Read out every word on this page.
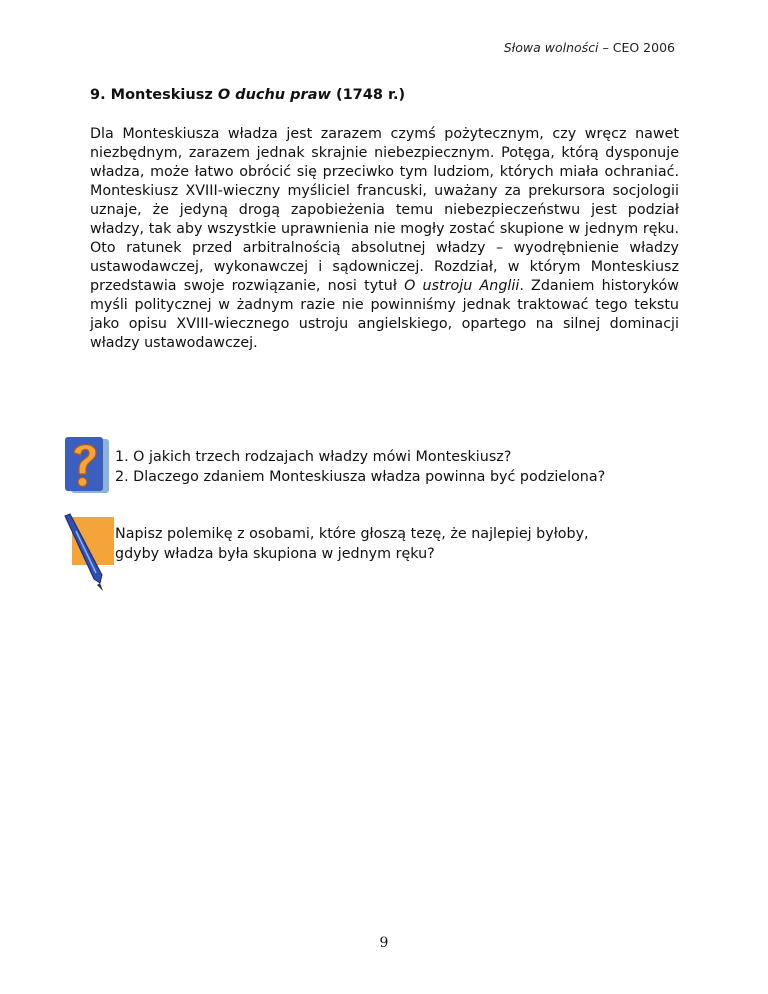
Słowa wolności – CEO 2006
9. Monteskiusz O duchu praw (1748 r.)
Dla Monteskiusza władza jest zarazem czymś pożytecznym, czy wręcz nawet niezbędnym, zarazem jednak skrajnie niebezpiecznym. Potęga, którą dysponuje władza, może łatwo obrócić się przeciwko tym ludziom, których miała ochraniać. Monteskiusz XVIII-wieczny myśliciel francuski, uważany za prekursora socjologii uznaje, że jedyną drogą zapobieżenia temu niebezpieczeństwu jest podział władzy, tak aby wszystkie uprawnienia nie mogły zostać skupione w jednym ręku. Oto ratunek przed arbitralnością absolutnej władzy – wyodrębnienie władzy ustawodawczej, wykonawczej i sądowniczej. Rozdział, w którym Monteskiusz przedstawia swoje rozwiązanie, nosi tytuł O ustroju Anglii. Zdaniem historyków myśli politycznej w żadnym razie nie powinniśmy jednak traktować tego tekstu jako opisu XVIII-wiecznego ustroju angielskiego, opartego na silnej dominacji władzy ustawodawczej.
1. O jakich trzech rodzajach władzy mówi Monteskiusz?
2. Dlaczego zdaniem Monteskiusza władza powinna być podzielona?
Napisz polemikę z osobami, które głoszą tezę, że najlepiej byłoby,
gdyby władza była skupiona w jednym ręku?
9
